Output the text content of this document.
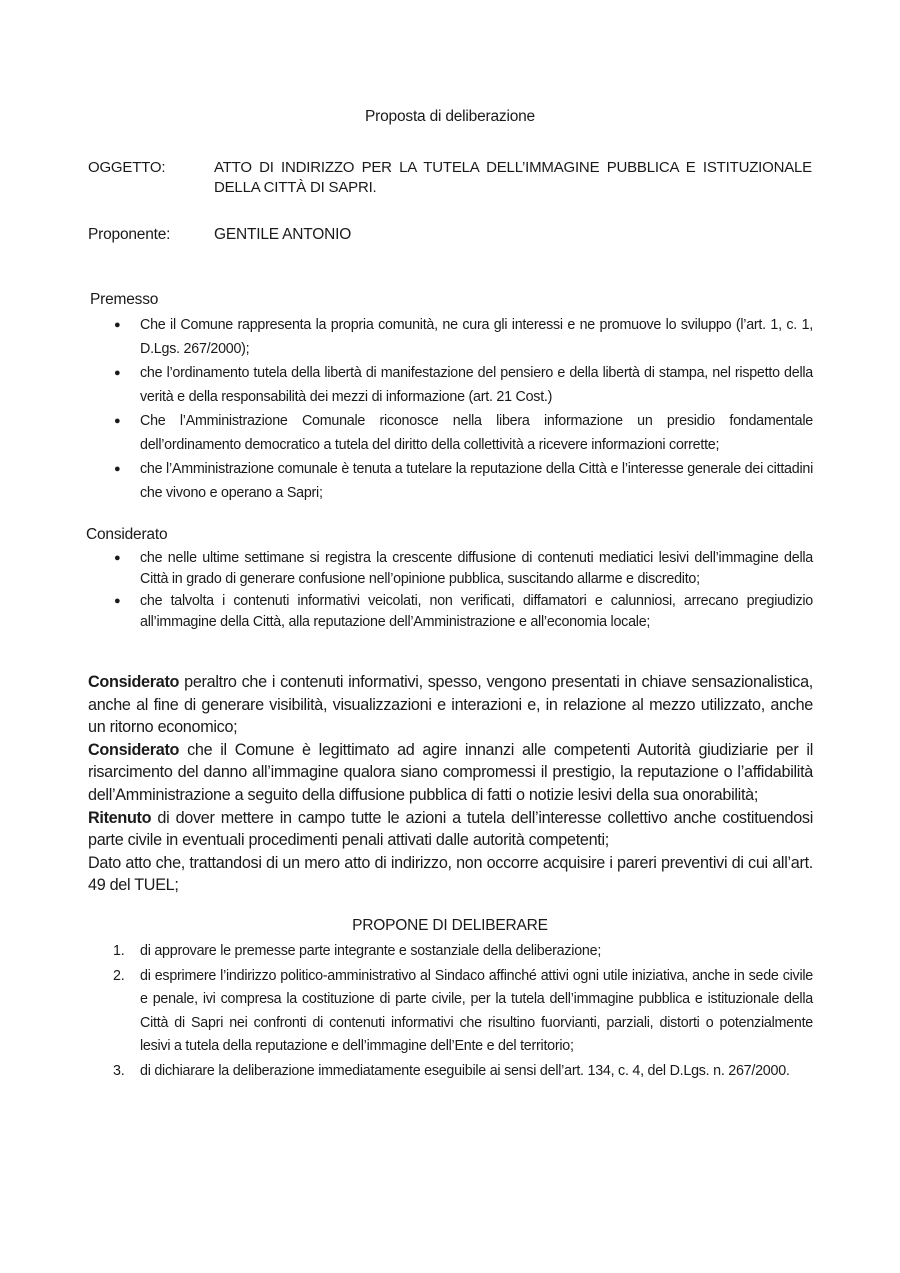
Proposta di deliberazione
OGGETTO:	ATTO DI INDIRIZZO PER LA TUTELA DELL’IMMAGINE PUBBLICA E ISTITUZIONALE DELLA CITTÀ DI SAPRI.
Proponente:	GENTILE ANTONIO
Premesso
● Che il Comune rappresenta la propria comunità, ne cura gli interessi e ne promuove lo sviluppo (l’art. 1, c. 1, D.Lgs. 267/2000);
● che l’ordinamento tutela della libertà di manifestazione del pensiero e della libertà di stampa, nel rispetto della verità e della responsabilità dei mezzi di informazione (art. 21 Cost.)
● Che l’Amministrazione Comunale riconosce nella libera informazione un presidio fondamentale dell’ordinamento democratico a tutela del diritto della collettività a ricevere informazioni corrette;
● che l’Amministrazione comunale è tenuta a tutelare la reputazione della Città e l’interesse generale dei cittadini che vivono e operano a Sapri;
Considerato
● che nelle ultime settimane si registra la crescente diffusione di contenuti mediatici lesivi dell’immagine della Città in grado di generare confusione nell’opinione pubblica, suscitando allarme e discredito;
● che talvolta i contenuti informativi veicolati, non verificati, diffamatori e calunniosi, arrecano pregiudizio all’immagine della Città, alla reputazione dell’Amministrazione e all’economia locale;

Considerato peraltro che i contenuti informativi, spesso, vengono presentati in chiave sensazionalistica, anche al fine di generare visibilità, visualizzazioni e interazioni e, in relazione al mezzo utilizzato, anche un ritorno economico;

Considerato che il Comune è legittimato ad agire innanzi alle competenti Autorità giudiziarie per il risarcimento del danno all’immagine qualora siano compromessi il prestigio, la reputazione o l’affidabilità dell’Amministrazione a seguito della diffusione pubblica di fatti o notizie lesivi della sua onorabilità;

Ritenuto di dover mettere in campo tutte le azioni a tutela dell’interesse collettivo anche costituendosi parte civile in eventuali procedimenti penali attivati dalle autorità competenti;

Dato atto che, trattandosi di un mero atto di indirizzo, non occorre acquisire i pareri preventivi di cui all’art. 49 del TUEL;

PROPONE DI DELIBERARE
1. di approvare le premesse parte integrante e sostanziale della deliberazione;
2. di esprimere l’indirizzo politico-amministrativo al Sindaco affinché attivi ogni utile iniziativa, anche in sede civile e penale, ivi compresa la costituzione di parte civile, per la tutela dell’immagine pubblica e istituzionale della Città di Sapri nei confronti di contenuti informativi che risultino fuorvianti, parziali, distorti o potenzialmente lesivi a tutela della reputazione e dell’immagine dell’Ente e del territorio;
3. di dichiarare la deliberazione immediatamente eseguibile ai sensi dell’art. 134, c. 4, del D.Lgs. n. 267/2000.
